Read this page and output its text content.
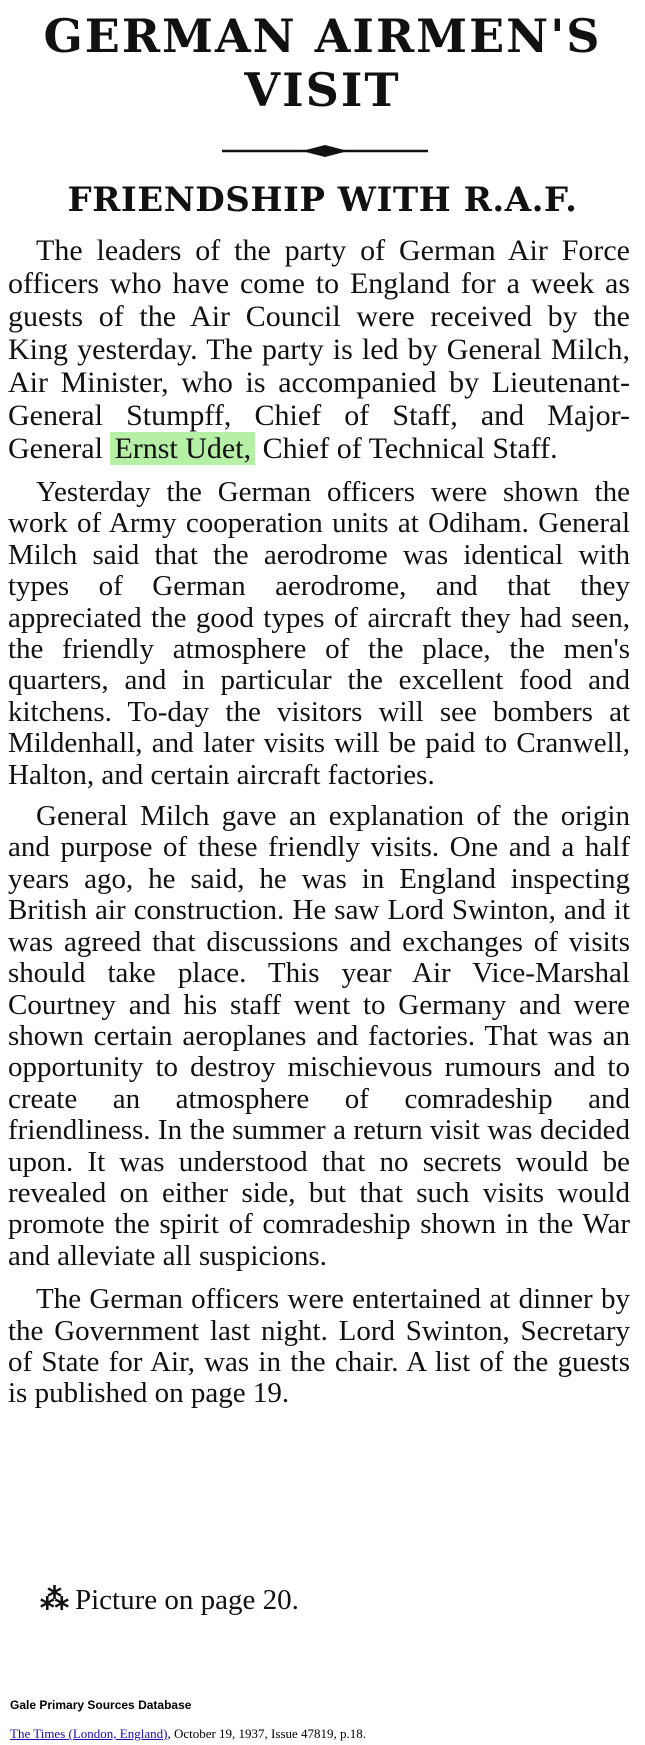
GERMAN AIRMEN'S
VISIT
FRIENDSHIP WITH R.A.F.

The leaders of the party of German Air Force officers who have come to England for a week as guests of the Air Council were received by the King yesterday. The party is led by General Milch, Air Minister, who is accompanied by Lieutenant-General Stumpff, Chief of Staff, and Major-General Ernst Udet, Chief of Technical Staff.

Yesterday the German officers were shown the work of Army cooperation units at Odiham. General Milch said that the aerodrome was identical with types of German aerodrome, and that they appreciated the good types of aircraft they had seen, the friendly atmosphere of the place, the men's quarters, and in particular the excellent food and kitchens. To-day the visitors will see bombers at Mildenhall, and later visits will be paid to Cranwell, Halton, and certain aircraft factories.

General Milch gave an explanation of the origin and purpose of these friendly visits. One and a half years ago, he said, he was in England inspecting British air construction. He saw Lord Swinton, and it was agreed that discussions and exchanges of visits should take place. This year Air Vice-Marshal Courtney and his staff went to Germany and were shown certain aeroplanes and factories. That was an opportunity to destroy mischievous rumours and to create an atmosphere of comradeship and friendliness. In the summer a return visit was decided upon. It was understood that no secrets would be revealed on either side, but that such visits would promote the spirit of comradeship shown in the War and alleviate all suspicions.

The German officers were entertained at dinner by the Government last night. Lord Swinton, Secretary of State for Air, was in the chair. A list of the guests is published on page 19.

⁂ Picture on page 20.
Gale Primary Sources Database
The Times (London, England), October 19, 1937, Issue 47819, p.18.
